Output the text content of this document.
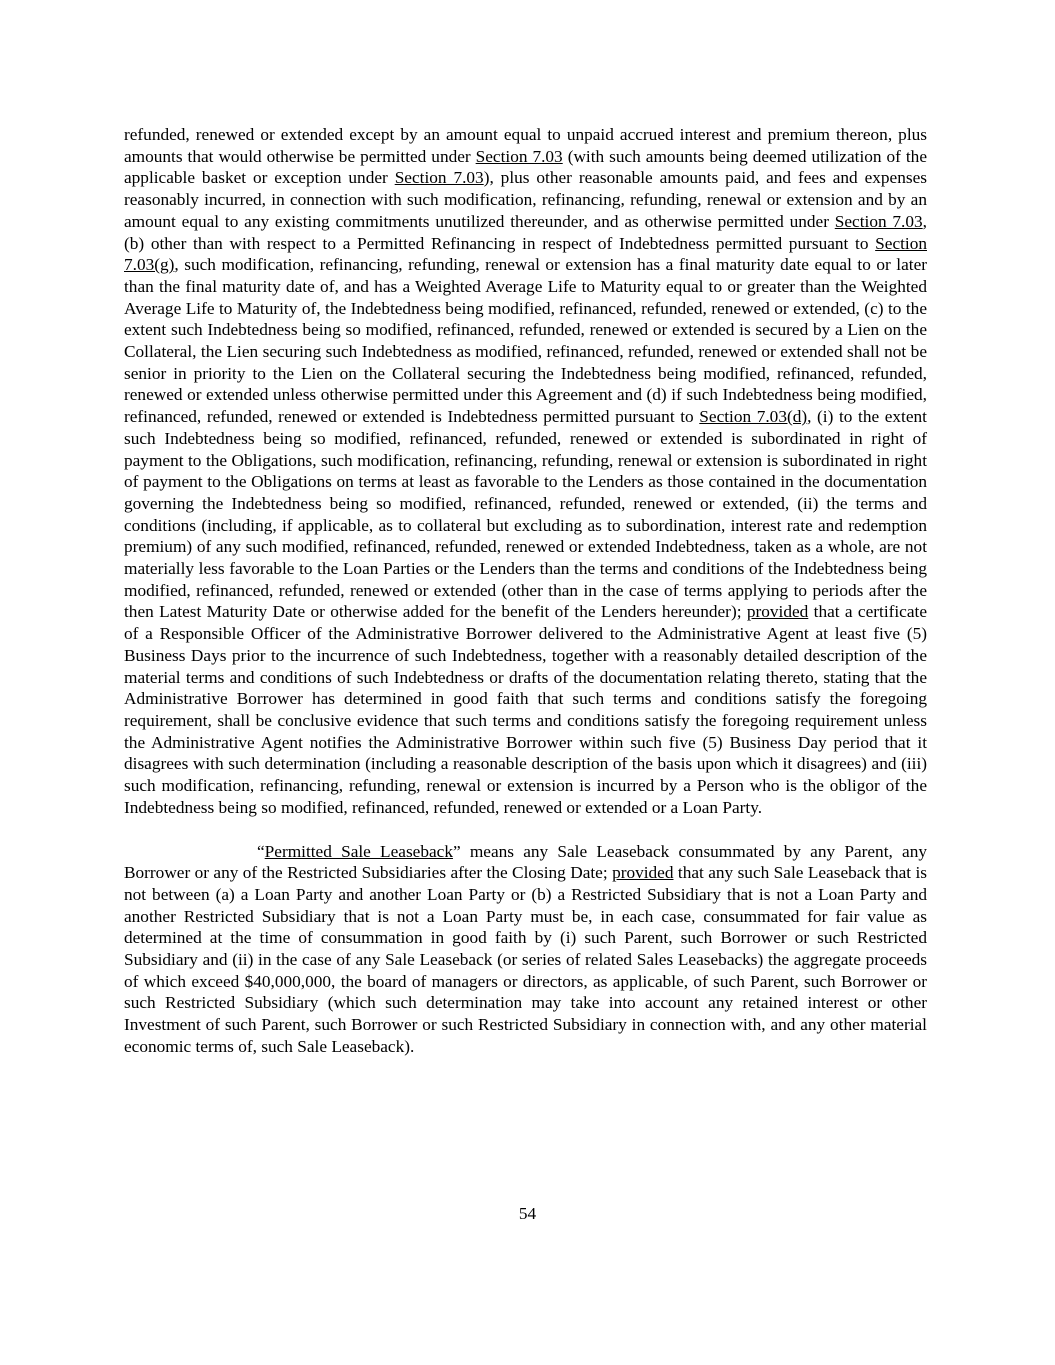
refunded, renewed or extended except by an amount equal to unpaid accrued interest and premium thereon, plus amounts that would otherwise be permitted under Section 7.03 (with such amounts being deemed utilization of the applicable basket or exception under Section 7.03), plus other reasonable amounts paid, and fees and expenses reasonably incurred, in connection with such modification, refinancing, refunding, renewal or extension and by an amount equal to any existing commitments unutilized thereunder, and as otherwise permitted under Section 7.03, (b) other than with respect to a Permitted Refinancing in respect of Indebtedness permitted pursuant to Section 7.03(g), such modification, refinancing, refunding, renewal or extension has a final maturity date equal to or later than the final maturity date of, and has a Weighted Average Life to Maturity equal to or greater than the Weighted Average Life to Maturity of, the Indebtedness being modified, refinanced, refunded, renewed or extended, (c) to the extent such Indebtedness being so modified, refinanced, refunded, renewed or extended is secured by a Lien on the Collateral, the Lien securing such Indebtedness as modified, refinanced, refunded, renewed or extended shall not be senior in priority to the Lien on the Collateral securing the Indebtedness being modified, refinanced, refunded, renewed or extended unless otherwise permitted under this Agreement and (d) if such Indebtedness being modified, refinanced, refunded, renewed or extended is Indebtedness permitted pursuant to Section 7.03(d), (i) to the extent such Indebtedness being so modified, refinanced, refunded, renewed or extended is subordinated in right of payment to the Obligations, such modification, refinancing, refunding, renewal or extension is subordinated in right of payment to the Obligations on terms at least as favorable to the Lenders as those contained in the documentation governing the Indebtedness being so modified, refinanced, refunded, renewed or extended, (ii) the terms and conditions (including, if applicable, as to collateral but excluding as to subordination, interest rate and redemption premium) of any such modified, refinanced, refunded, renewed or extended Indebtedness, taken as a whole, are not materially less favorable to the Loan Parties or the Lenders than the terms and conditions of the Indebtedness being modified, refinanced, refunded, renewed or extended (other than in the case of terms applying to periods after the then Latest Maturity Date or otherwise added for the benefit of the Lenders hereunder); provided that a certificate of a Responsible Officer of the Administrative Borrower delivered to the Administrative Agent at least five (5) Business Days prior to the incurrence of such Indebtedness, together with a reasonably detailed description of the material terms and conditions of such Indebtedness or drafts of the documentation relating thereto, stating that the Administrative Borrower has determined in good faith that such terms and conditions satisfy the foregoing requirement, shall be conclusive evidence that such terms and conditions satisfy the foregoing requirement unless the Administrative Agent notifies the Administrative Borrower within such five (5) Business Day period that it disagrees with such determination (including a reasonable description of the basis upon which it disagrees) and (iii) such modification, refinancing, refunding, renewal or extension is incurred by a Person who is the obligor of the Indebtedness being so modified, refinanced, refunded, renewed or extended or a Loan Party.

“Permitted Sale Leaseback” means any Sale Leaseback consummated by any Parent, any Borrower or any of the Restricted Subsidiaries after the Closing Date; provided that any such Sale Leaseback that is not between (a) a Loan Party and another Loan Party or (b) a Restricted Subsidiary that is not a Loan Party and another Restricted Subsidiary that is not a Loan Party must be, in each case, consummated for fair value as determined at the time of consummation in good faith by (i) such Parent, such Borrower or such Restricted Subsidiary and (ii) in the case of any Sale Leaseback (or series of related Sales Leasebacks) the aggregate proceeds of which exceed $40,000,000, the board of managers or directors, as applicable, of such Parent, such Borrower or such Restricted Subsidiary (which such determination may take into account any retained interest or other Investment of such Parent, such Borrower or such Restricted Subsidiary in connection with, and any other material economic terms of, such Sale Leaseback).

54
